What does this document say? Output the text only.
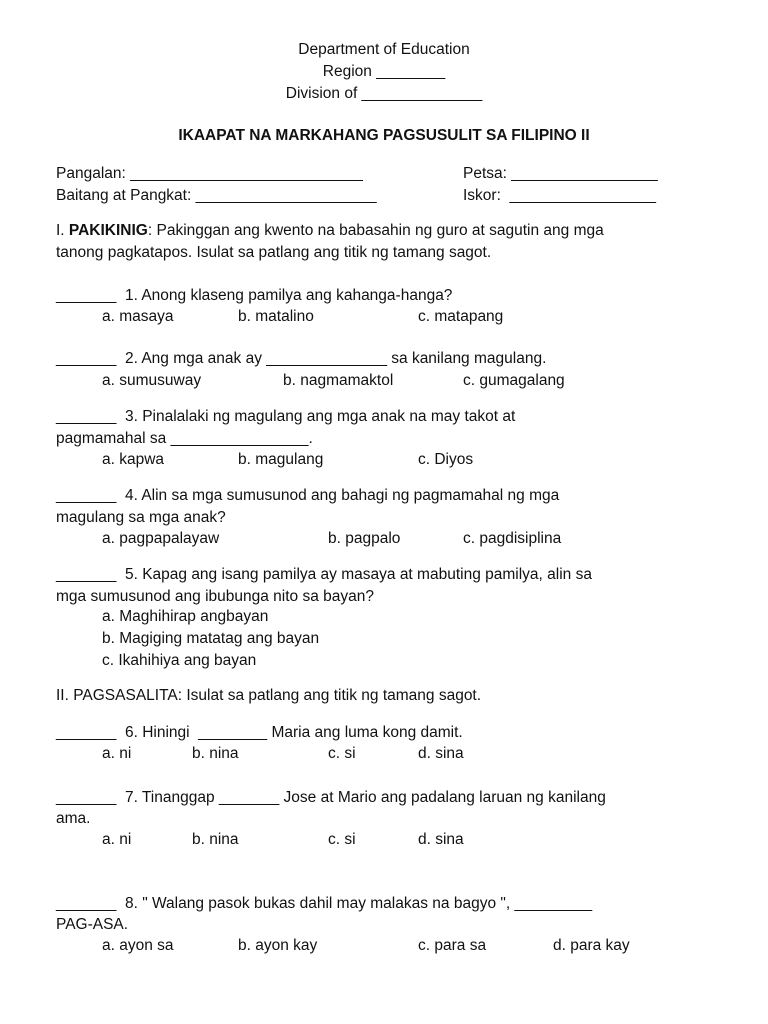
Department of Education
Region ________
Division of ______________
IKAAPAT NA MARKAHANG PAGSUSULIT SA FILIPINO II
Pangalan: ___________________________	Petsa: _________________
Baitang at Pangkat: _____________________	Iskor:  _________________
I. PAKIKINIG: Pakinggan ang kwento na babasahin ng guro at sagutin ang mga
tanong pagkatapos. Isulat sa patlang ang titik ng tamang sagot.
_______  1. Anong klaseng pamilya ang kahanga-hanga?
a. masaya	b. matalino	c. matapang
_______  2. Ang mga anak ay ______________ sa kanilang magulang.
a. sumusuway	b. nagmamaktol	c. gumagalang
_______  3. Pinalalaki ng magulang ang mga anak na may takot at
pagmamahal sa ________________.
a. kapwa	b. magulang	c. Diyos
_______  4. Alin sa mga sumusunod ang bahagi ng pagmamahal ng mga
magulang sa mga anak?
a. pagpapalayaw	b. pagpalo	c. pagdisiplina
_______  5. Kapag ang isang pamilya ay masaya at mabuting pamilya, alin sa
mga sumusunod ang ibubunga nito sa bayan?
a. Maghihirap angbayan
b. Magiging matatag ang bayan
c. Ikahihiya ang bayan
II. PAGSASALITA: Isulat sa patlang ang titik ng tamang sagot.
_______  6. Hiningi  ________ Maria ang luma kong damit.
a. ni	b. nina	c. si	d. sina
_______  7. Tinanggap _______ Jose at Mario ang padalang laruan ng kanilang
ama.
a. ni	b. nina	c. si	d. sina
_______  8. " Walang pasok bukas dahil may malakas na bagyo ", _________
PAG-ASA.
a. ayon sa	b. ayon kay	c. para sa	d. para kay
